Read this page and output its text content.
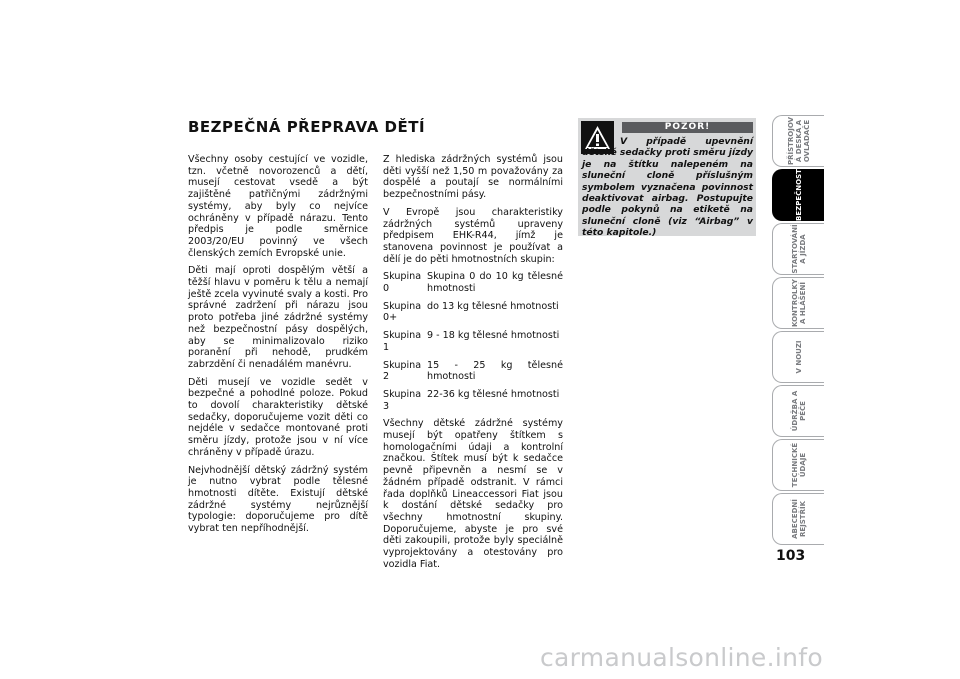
BEZPEČNÁ PŘEPRAVA DĚTÍ

Všechny osoby cestující ve vozidle, tzn. včetně novorozenců a dětí, musejí cestovat vsedě a být zajištěné patřičnými zádržnými systémy, aby byly co nejvíce ochráněny v případě nárazu. Tento předpis je podle směrnice 2003/20/EU povinný ve všech členských zemích Evropské unie.

Děti mají oproti dospělým větší a těžší hlavu v poměru k tělu a nemají ještě zcela vyvinuté svaly a kosti. Pro správné zadržení při nárazu jsou proto potřeba jiné zádržné systémy než bezpečnostní pásy dospělých, aby se minimalizovalo riziko poranění při nehodě, prudkém zabrzdění či nenadálém manévru.

Děti musejí ve vozidle sedět v bezpečné a pohodlné poloze. Pokud to dovolí charakteristiky dětské sedačky, doporučujeme vozit děti co nejdéle v sedačce montované proti směru jízdy, protože jsou v ní více chráněny v případě úrazu.

Nejvhodnější dětský zádržný systém je nutno vybrat podle tělesné hmotnosti dítěte. Existují dětské zádržné systémy nejrůznější typologie: doporučujeme pro dítě vybrat ten nepříhodnější.

Z hlediska zádržných systémů jsou děti vyšší než 1,50 m považovány za dospělé a poutají se normálními bezpečnostními pásy.

V Evropě jsou charakteristiky zádržných systémů upraveny předpisem EHK-R44, jímž je stanovena povinnost je používat a dělí je do pěti hmotnostních skupin:

Skupina 0
Skupina 0 do 10 kg tělesné hmotnosti
Skupina 0+
do 13 kg tělesné hmotnosti
Skupina 1
9 - 18 kg tělesné hmotnosti
Skupina 2
15 - 25 kg tělesné hmotnosti
Skupina 3
22-36 kg tělesné hmotnosti

Všechny dětské zádržné systémy musejí být opatřeny štítkem s homologačními údaji a kontrolní značkou. Štítek musí být k sedačce pevně připevněn a nesmí se v žádném případě odstranit. V rámci řada doplňků Lineaccessori Fiat jsou k dostání dětské sedačky pro všechny hmotnostní skupiny. Doporučujeme, abyste je pro své děti zakoupili, protože byly speciálně vyprojektovány a otestovány pro vozidla Fiat.

POZOR!
V případě upevnění dětské sedačky proti směru jízdy je na štítku nalepeném na sluneční cloně příslušným symbolem vyznačena povinnost deaktivovat airbag. Postupujte podle pokynů na etiketě na sluneční cloně (viz “Airbag” v této kapitole.)
PŘÍSTROJOV Á DESKA A OVLADAČE
BEZPEČNOST
STARTOVÁNÍ A JÍZDA
KONTROLKY A HLÁŠENÍ
V NOUZI
ÚDRŽBA A PÉČE
TECHNICKÉ ÚDAJE
ABECEDNÍ REJSTŘÍK
103
carmanualsonline.info
